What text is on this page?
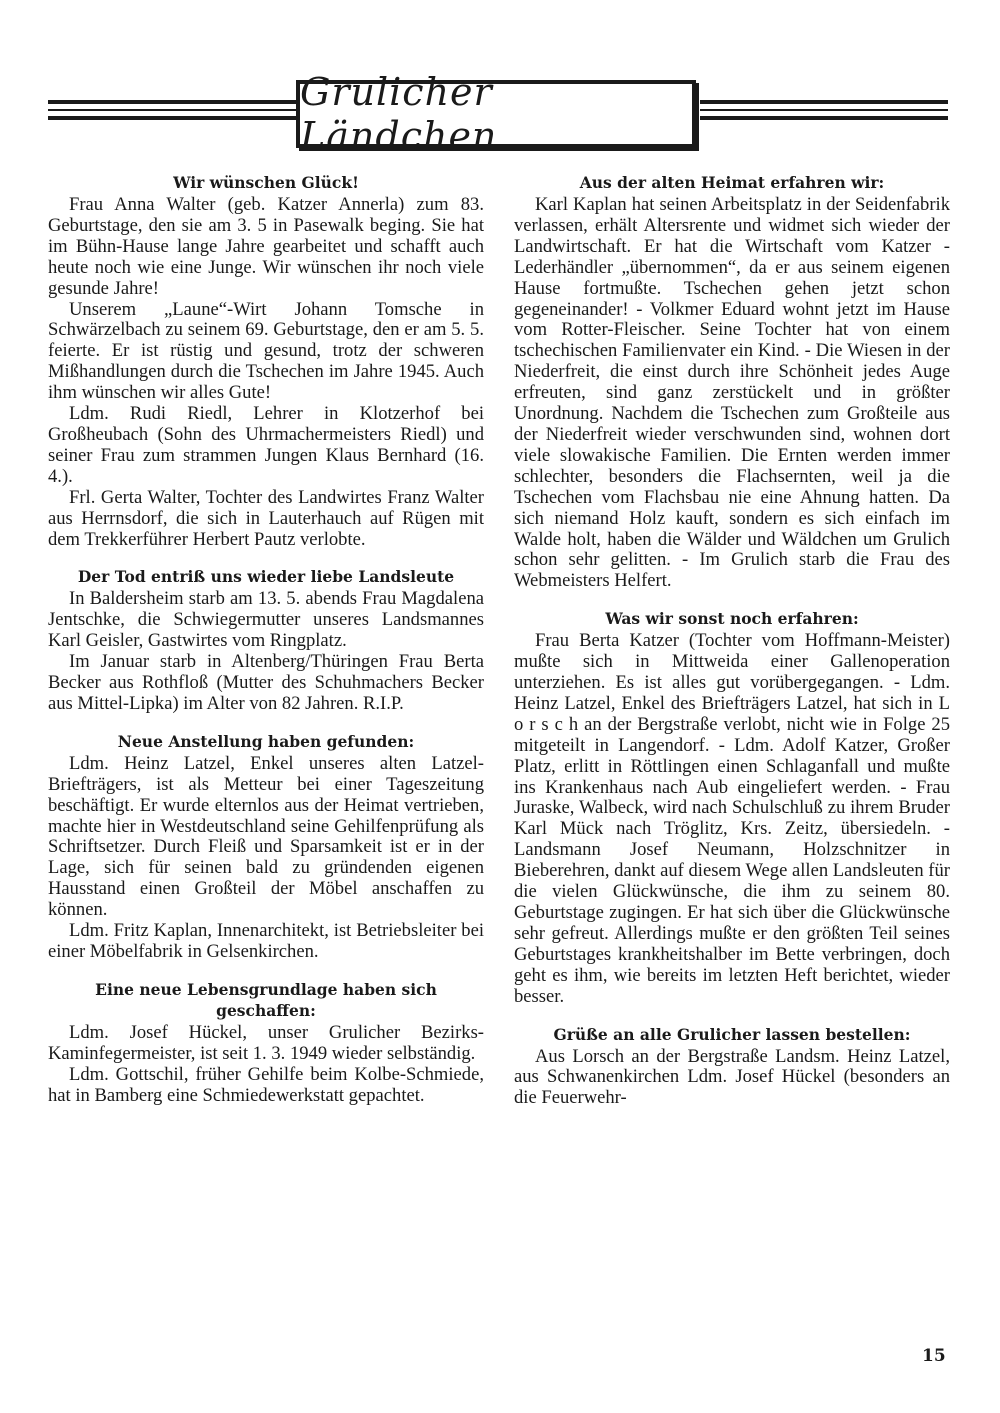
Grulicher Ländchen
Wir wünschen Glück!

Frau Anna Walter (geb. Katzer Annerla) zum 83. Geburtstage, den sie am 3. 5 in Pasewalk beging. Sie hat im Bühn-Hause lange Jahre gearbeitet und schafft auch heute noch wie eine Junge. Wir wünschen ihr noch viele gesunde Jahre!

Unserem „Laune“-Wirt Johann Tomsche in Schwärzelbach zu seinem 69. Geburtstage, den er am 5. 5. feierte. Er ist rüstig und gesund, trotz der schweren Mißhandlungen durch die Tschechen im Jahre 1945. Auch ihm wünschen wir alles Gute!

Ldm. Rudi Riedl, Lehrer in Klotzerhof bei Großheubach (Sohn des Uhrmachermeisters Riedl) und seiner Frau zum strammen Jungen Klaus Bernhard (16. 4.).

Frl. Gerta Walter, Tochter des Landwirtes Franz Walter aus Herrnsdorf, die sich in Lauterhauch auf Rügen mit dem Trekkerführer Herbert Pautz verlobte.

Der Tod entriß uns wieder liebe Landsleute

In Baldersheim starb am 13. 5. abends Frau Magdalena Jentschke, die Schwiegermutter unseres Landsmannes Karl Geisler, Gastwirtes vom Ringplatz.

Im Januar starb in Altenberg/Thüringen Frau Berta Becker aus Rothfloß (Mutter des Schuhmachers Becker aus Mittel-Lipka) im Alter von 82 Jahren. R.I.P.

Neue Anstellung haben gefunden:

Ldm. Heinz Latzel, Enkel unseres alten Latzel-Briefträgers, ist als Metteur bei einer Tageszeitung beschäftigt. Er wurde elternlos aus der Heimat vertrieben, machte hier in Westdeutschland seine Gehilfenprüfung als Schriftsetzer. Durch Fleiß und Sparsamkeit ist er in der Lage, sich für seinen bald zu gründenden eigenen Hausstand einen Großteil der Möbel anschaffen zu können.

Ldm. Fritz Kaplan, Innenarchitekt, ist Betriebsleiter bei einer Möbelfabrik in Gelsenkirchen.

Eine neue Lebensgrundlage haben sich geschaffen:

Ldm. Josef Hückel, unser Grulicher Bezirks-Kaminfegermeister, ist seit 1. 3. 1949 wieder selbständig.

Ldm. Gottschil, früher Gehilfe beim Kolbe-Schmiede, hat in Bamberg eine Schmiedewerkstatt gepachtet.

Aus der alten Heimat erfahren wir:

Karl Kaplan hat seinen Arbeitsplatz in der Seidenfabrik verlassen, erhält Altersrente und widmet sich wieder der Landwirtschaft. Er hat die Wirtschaft vom Katzer - Lederhändler „übernommen“, da er aus seinem eigenen Hause fortmußte. Tschechen gehen jetzt schon gegeneinander! - Volkmer Eduard wohnt jetzt im Hause vom Rotter-Fleischer. Seine Tochter hat von einem tschechischen Familienvater ein Kind. - Die Wiesen in der Niederfreit, die einst durch ihre Schönheit jedes Auge erfreuten, sind ganz zerstückelt und in größter Unordnung. Nachdem die Tschechen zum Großteile aus der Niederfreit wieder verschwunden sind, wohnen dort viele slowakische Familien. Die Ernten werden immer schlechter, besonders die Flachsernten, weil ja die Tschechen vom Flachsbau nie eine Ahnung hatten. Da sich niemand Holz kauft, sondern es sich einfach im Walde holt, haben die Wälder und Wäldchen um Grulich schon sehr gelitten. - Im Grulich starb die Frau des Webmeisters Helfert.

Was wir sonst noch erfahren:

Frau Berta Katzer (Tochter vom Hoffmann-Meister) mußte sich in Mittweida einer Gallenoperation unterziehen. Es ist alles gut vorübergegangen. - Ldm. Heinz Latzel, Enkel des Briefträgers Latzel, hat sich in L o r s c h an der Bergstraße verlobt, nicht wie in Folge 25 mitgeteilt in Langendorf. - Ldm. Adolf Katzer, Großer Platz, erlitt in Röttlingen einen Schlaganfall und mußte ins Krankenhaus nach Aub eingeliefert werden. - Frau Juraske, Walbeck, wird nach Schulschluß zu ihrem Bruder Karl Mück nach Tröglitz, Krs. Zeitz, übersiedeln. - Landsmann Josef Neumann, Holzschnitzer in Bieberehren, dankt auf diesem Wege allen Landsleuten für die vielen Glückwünsche, die ihm zu seinem 80. Geburtstage zugingen. Er hat sich über die Glückwünsche sehr gefreut. Allerdings mußte er den größten Teil seines Geburtstages krankheitshalber im Bette verbringen, doch geht es ihm, wie bereits im letzten Heft berichtet, wieder besser.

Grüße an alle Grulicher lassen bestellen:

Aus Lorsch an der Bergstraße Landsm. Heinz Latzel, aus Schwanenkirchen Ldm. Josef Hückel (besonders an die Feuerwehr-

15
